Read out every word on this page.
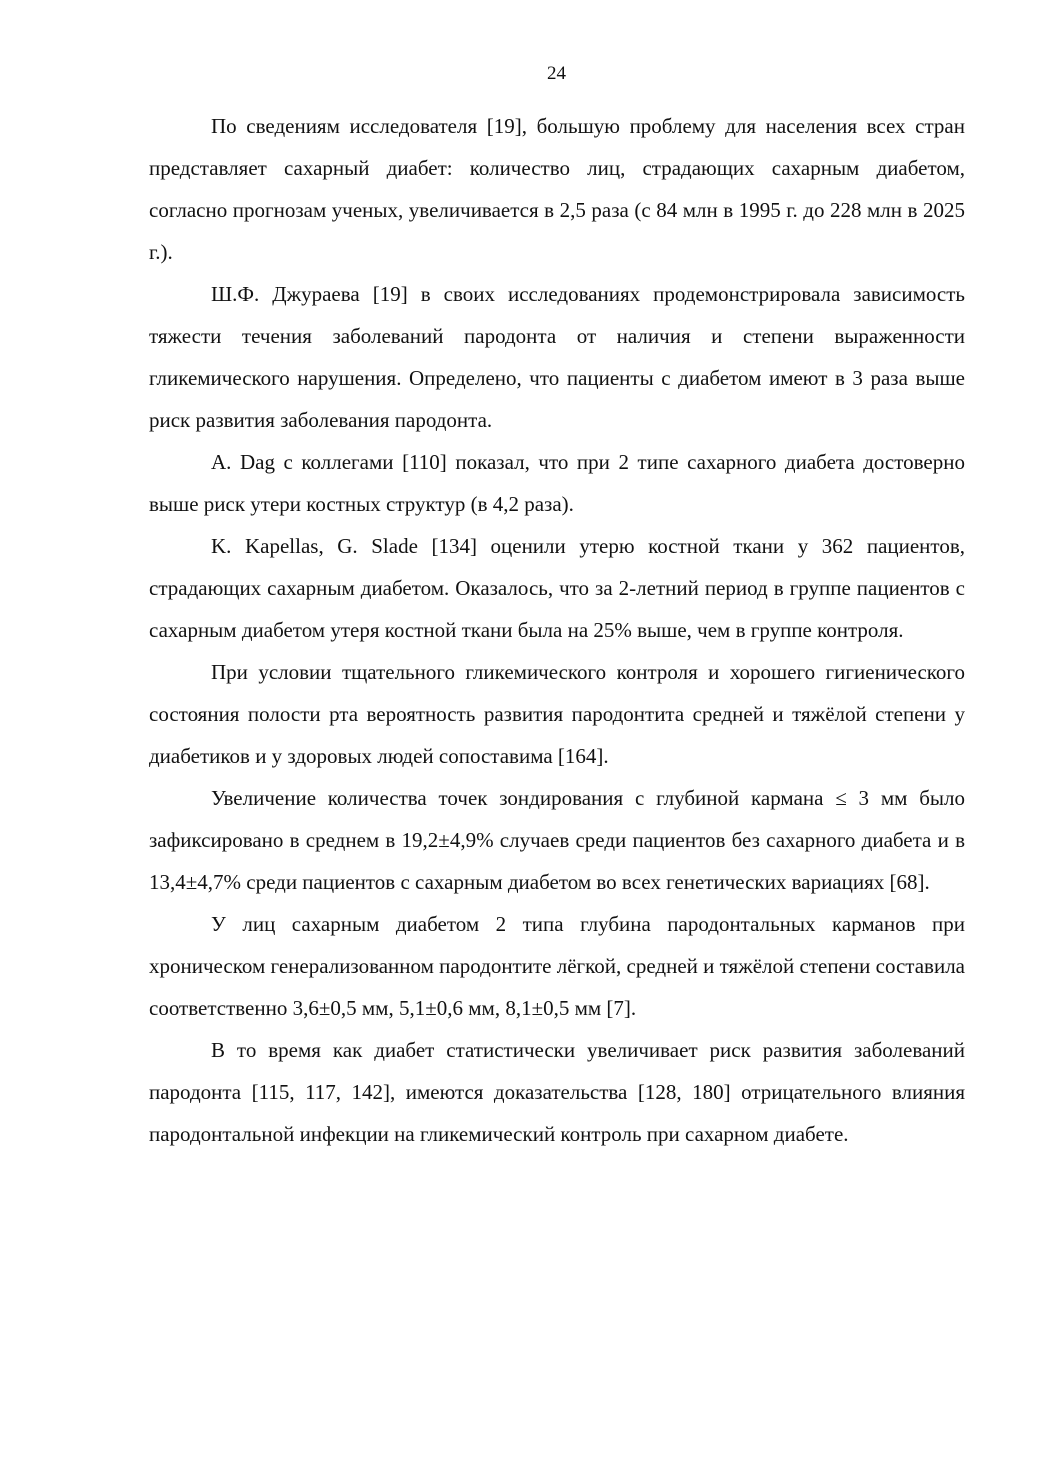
24

По сведениям исследователя [19], большую проблему для населения всех стран представляет сахарный диабет: количество лиц, страдающих сахарным диабетом, согласно прогнозам ученых, увеличивается в 2,5 раза (с 84 млн в 1995 г. до 228 млн в 2025 г.).

Ш.Ф. Джураева [19] в своих исследованиях продемонстрировала зависимость тяжести течения заболеваний пародонта от наличия и степени выраженности гликемического нарушения. Определено, что пациенты с диабетом имеют в 3 раза выше риск развития заболевания пародонта.

A. Dag с коллегами [110] показал, что при 2 типе сахарного диабета достоверно выше риск утери костных структур (в 4,2 раза).

K. Kapellas, G. Slade [134] оценили утерю костной ткани у 362 пациентов, страдающих сахарным диабетом. Оказалось, что за 2-летний период в группе пациентов с сахарным диабетом утеря костной ткани была на 25% выше, чем в группе контроля.

При условии тщательного гликемического контроля и хорошего гигиенического состояния полости рта вероятность развития пародонтита средней и тяжёлой степени у диабетиков и у здоровых людей сопоставима [164].

Увеличение количества точек зондирования с глубиной кармана ≤ 3 мм было зафиксировано в среднем в 19,2±4,9% случаев среди пациентов без сахарного диабета и в 13,4±4,7% среди пациентов с сахарным диабетом во всех генетических вариациях [68].

У лиц сахарным диабетом 2 типа глубина пародонтальных карманов при хроническом генерализованном пародонтите лёгкой, средней и тяжёлой степени составила соответственно 3,6±0,5 мм, 5,1±0,6 мм, 8,1±0,5 мм [7].

В то время как диабет статистически увеличивает риск развития заболеваний пародонта [115, 117, 142], имеются доказательства [128, 180] отрицательного влияния пародонтальной инфекции на гликемический контроль при сахарном диабете.
